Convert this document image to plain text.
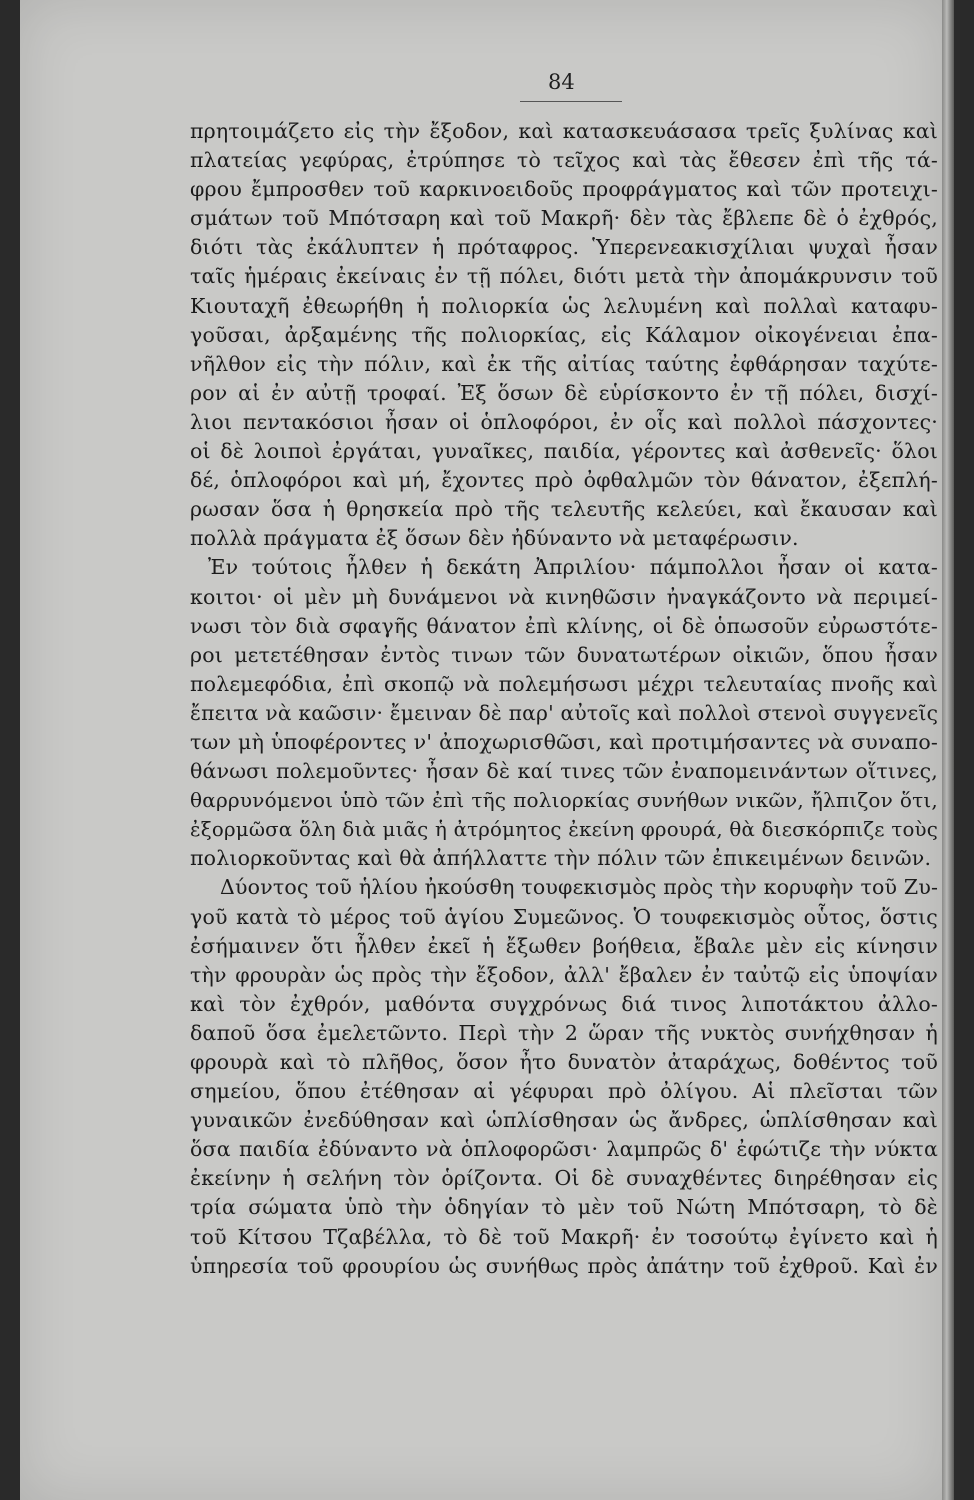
84
πρητοιμάζετο εἰς τὴν ἔξοδον, καὶ κατασκευάσασα τρεῖς ξυλίνας καὶ
πλατείας γεφύρας, ἐτρύπησε τὸ τεῖχος καὶ τὰς ἔθεσεν ἐπὶ τῆς τά-
φρου ἔμπροσθεν τοῦ καρκινοειδοῦς προφράγματος καὶ τῶν προτειχι-
σμάτων τοῦ Μπότσαρη καὶ τοῦ Μακρῆ· δὲν τὰς ἔβλεπε δὲ ὁ ἐχθρός,
διότι τὰς ἐκάλυπτεν ἡ πρόταφρος. Ὑπερενεακισχίλιαι ψυχαὶ ἦσαν
ταῖς ἡμέραις ἐκείναις ἐν τῇ πόλει, διότι μετὰ τὴν ἀπομάκρυνσιν τοῦ
Κιουταχῆ ἐθεωρήθη ἡ πολιορκία ὡς λελυμένη καὶ πολλαὶ καταφυ-
γοῦσαι, ἀρξαμένης τῆς πολιορκίας, εἰς Κάλαμον οἰκογένειαι ἐπα-
νῆλθον εἰς τὴν πόλιν, καὶ ἐκ τῆς αἰτίας ταύτης ἐφθάρησαν ταχύτε-
ρον αἱ ἐν αὐτῇ τροφαί. Ἐξ ὅσων δὲ εὑρίσκοντο ἐν τῇ πόλει, δισχί-
λιοι πεντακόσιοι ἦσαν οἱ ὁπλοφόροι, ἐν οἷς καὶ πολλοὶ πάσχοντες·
οἱ δὲ λοιποὶ ἐργάται, γυναῖκες, παιδία, γέροντες καὶ ἀσθενεῖς· ὅλοι
δέ, ὁπλοφόροι καὶ μή, ἔχοντες πρὸ ὀφθαλμῶν τὸν θάνατον, ἐξεπλή-
ρωσαν ὅσα ἡ θρησκεία πρὸ τῆς τελευτῆς κελεύει, καὶ ἔκαυσαν καὶ
πολλὰ πράγματα ἐξ ὅσων δὲν ἠδύναντο νὰ μεταφέρωσιν.
Ἐν τούτοις ἦλθεν ἡ δεκάτη Ἀπριλίου· πάμπολλοι ἦσαν οἱ κατα-
κοιτοι· οἱ μὲν μὴ δυνάμενοι νὰ κινηθῶσιν ἠναγκάζοντο νὰ περιμεί-
νωσι τὸν διὰ σφαγῆς θάνατον ἐπὶ κλίνης, οἱ δὲ ὁπωσοῦν εὐρωστότε-
ροι μετετέθησαν ἐντὸς τινων τῶν δυνατωτέρων οἰκιῶν, ὅπου ἦσαν
πολεμεφόδια, ἐπὶ σκοπῷ νὰ πολεμήσωσι μέχρι τελευταίας πνοῆς καὶ
ἔπειτα νὰ καῶσιν· ἔμειναν δὲ παρ' αὐτοῖς καὶ πολλοὶ στενοὶ συγγενεῖς
των μὴ ὑποφέροντες ν' ἀποχωρισθῶσι, καὶ προτιμήσαντες νὰ συναπο-
θάνωσι πολεμοῦντες· ἦσαν δὲ καί τινες τῶν ἐναπομεινάντων οἵτινες,
θαρρυνόμενοι ὑπὸ τῶν ἐπὶ τῆς πολιορκίας συνήθων νικῶν, ἤλπιζον ὅτι,
ἐξορμῶσα ὅλη διὰ μιᾶς ἡ ἀτρόμητος ἐκείνη φρουρά, θὰ διεσκόρπιζε τοὺς
πολιορκοῦντας καὶ θὰ ἀπήλλαττε τὴν πόλιν τῶν ἐπικειμένων δεινῶν.
Δύοντος τοῦ ἡλίου ἠκούσθη τουφεκισμὸς πρὸς τὴν κορυφὴν τοῦ Ζυ-
γοῦ κατὰ τὸ μέρος τοῦ ἁγίου Συμεῶνος. Ὁ τουφεκισμὸς οὗτος, ὅστις
ἐσήμαινεν ὅτι ἦλθεν ἐκεῖ ἡ ἔξωθεν βοήθεια, ἔβαλε μὲν εἰς κίνησιν
τὴν φρουρὰν ὡς πρὸς τὴν ἔξοδον, ἀλλ' ἔβαλεν ἐν ταὐτῷ εἰς ὑποψίαν
καὶ τὸν ἐχθρόν, μαθόντα συγχρόνως διά τινος λιποτάκτου ἀλλο-
δαποῦ ὅσα ἐμελετῶντο. Περὶ τὴν 2 ὥραν τῆς νυκτὸς συνήχθησαν ἡ
φρουρὰ καὶ τὸ πλῆθος, ὅσον ἦτο δυνατὸν ἀταράχως, δοθέντος τοῦ
σημείου, ὅπου ἐτέθησαν αἱ γέφυραι πρὸ ὀλίγου. Αἱ πλεῖσται τῶν
γυναικῶν ἐνεδύθησαν καὶ ὡπλίσθησαν ὡς ἄνδρες, ὡπλίσθησαν καὶ
ὅσα παιδία ἐδύναντο νὰ ὁπλοφορῶσι· λαμπρῶς δ' ἐφώτιζε τὴν νύκτα
ἐκείνην ἡ σελήνη τὸν ὁρίζοντα. Οἱ δὲ συναχθέντες διηρέθησαν εἰς
τρία σώματα ὑπὸ τὴν ὁδηγίαν τὸ μὲν τοῦ Νώτη Μπότσαρη, τὸ δὲ
τοῦ Κίτσου Τζαβέλλα, τὸ δὲ τοῦ Μακρῆ· ἐν τοσούτῳ ἐγίνετο καὶ ἡ
ὑπηρεσία τοῦ φρουρίου ὡς συνήθως πρὸς ἀπάτην τοῦ ἐχθροῦ. Καὶ ἐν
